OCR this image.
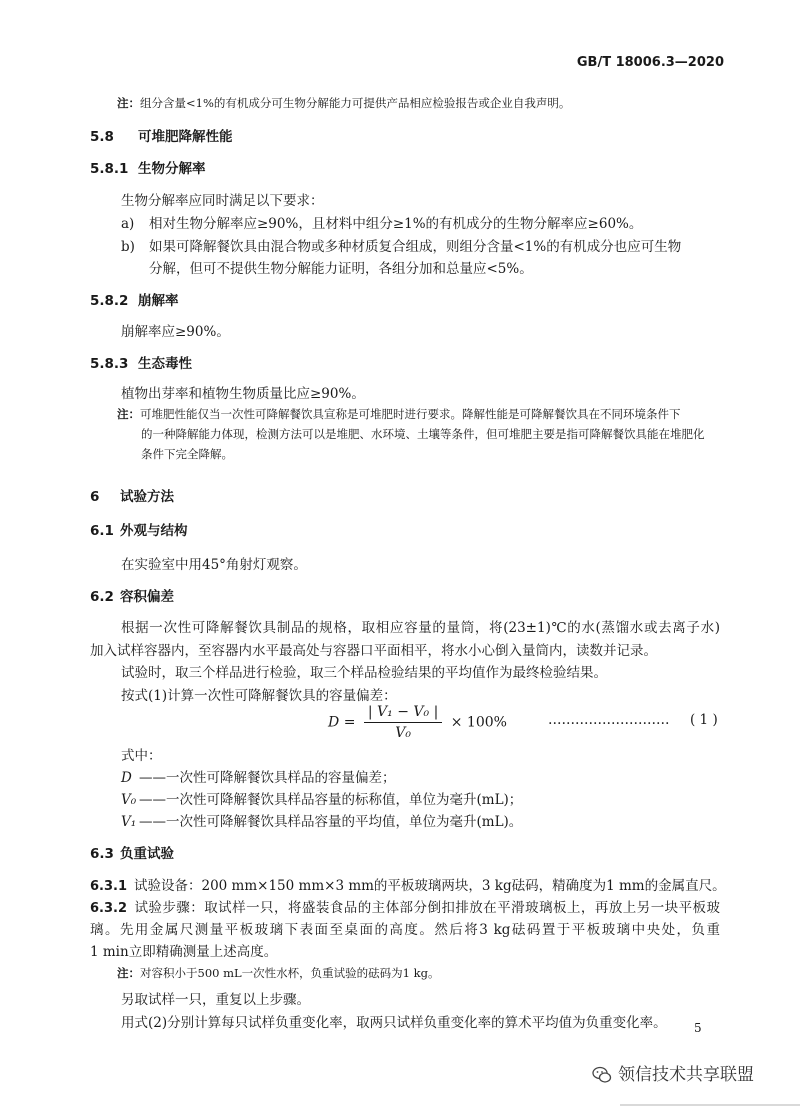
GB/T 18006.3—2020
注：组分含量<1%的有机成分可生物分解能力可提供产品相应检验报告或企业自我声明。
5.8 可堆肥降解性能
5.8.1 生物分解率
生物分解率应同时满足以下要求：
a) 相对生物分解率应≥90%，且材料中组分≥1%的有机成分的生物分解率应≥60%。
b) 如果可降解餐饮具由混合物或多种材质复合组成，则组分含量<1%的有机成分也应可生物
分解，但可不提供生物分解能力证明，各组分加和总量应<5%。
5.8.2 崩解率
崩解率应≥90%。
5.8.3 生态毒性
植物出芽率和植物生物质量比应≥90%。
注：可堆肥性能仅当一次性可降解餐饮具宣称是可堆肥时进行要求。降解性能是可降解餐饮具在不同环境条件下
的一种降解能力体现，检测方法可以是堆肥、水环境、土壤等条件，但可堆肥主要是指可降解餐饮具能在堆肥化
条件下完全降解。
6 试验方法
6.1 外观与结构
在实验室中用45°角射灯观察。
6.2 容积偏差
根据一次性可降解餐饮具制品的规格，取相应容量的量筒，将(23±1)℃的水(蒸馏水或去离子水)
加入试样容器内，至容器内水平最高处与容器口平面相平，将水小心倒入量筒内，读数并记录。
试验时，取三个样品进行检验，取三个样品检验结果的平均值作为最终检验结果。
按式(1)计算一次性可降解餐饮具的容量偏差：
$D = \frac{\text{| V₁ − V₀ |}}{\text{V₀}} \times 100\%$	……………………… ( 1 )
式中：
D ——一次性可降解餐饮具样品的容量偏差；
V₀ ——一次性可降解餐饮具样品容量的标称值，单位为毫升(mL)；
V₁ ——一次性可降解餐饮具样品容量的平均值，单位为毫升(mL)。
6.3 负重试验
6.3.1 试验设备：200 mm×150 mm×3 mm的平板玻璃两块，3 kg砝码，精确度为1 mm的金属直尺。
6.3.2 试验步骤：取试样一只，将盛装食品的主体部分倒扣排放在平滑玻璃板上，再放上另一块平板玻
璃。先用金属尺测量平板玻璃下表面至桌面的高度。然后将3 kg砝码置于平板玻璃中央处，负重
1 min立即精确测量上述高度。
注：对容积小于500 mL一次性水杯，负重试验的砝码为1 kg。
另取试样一只，重复以上步骤。
用式(2)分别计算每只试样负重变化率，取两只试样负重变化率的算术平均值为负重变化率。 5
领信技术共享联盟
